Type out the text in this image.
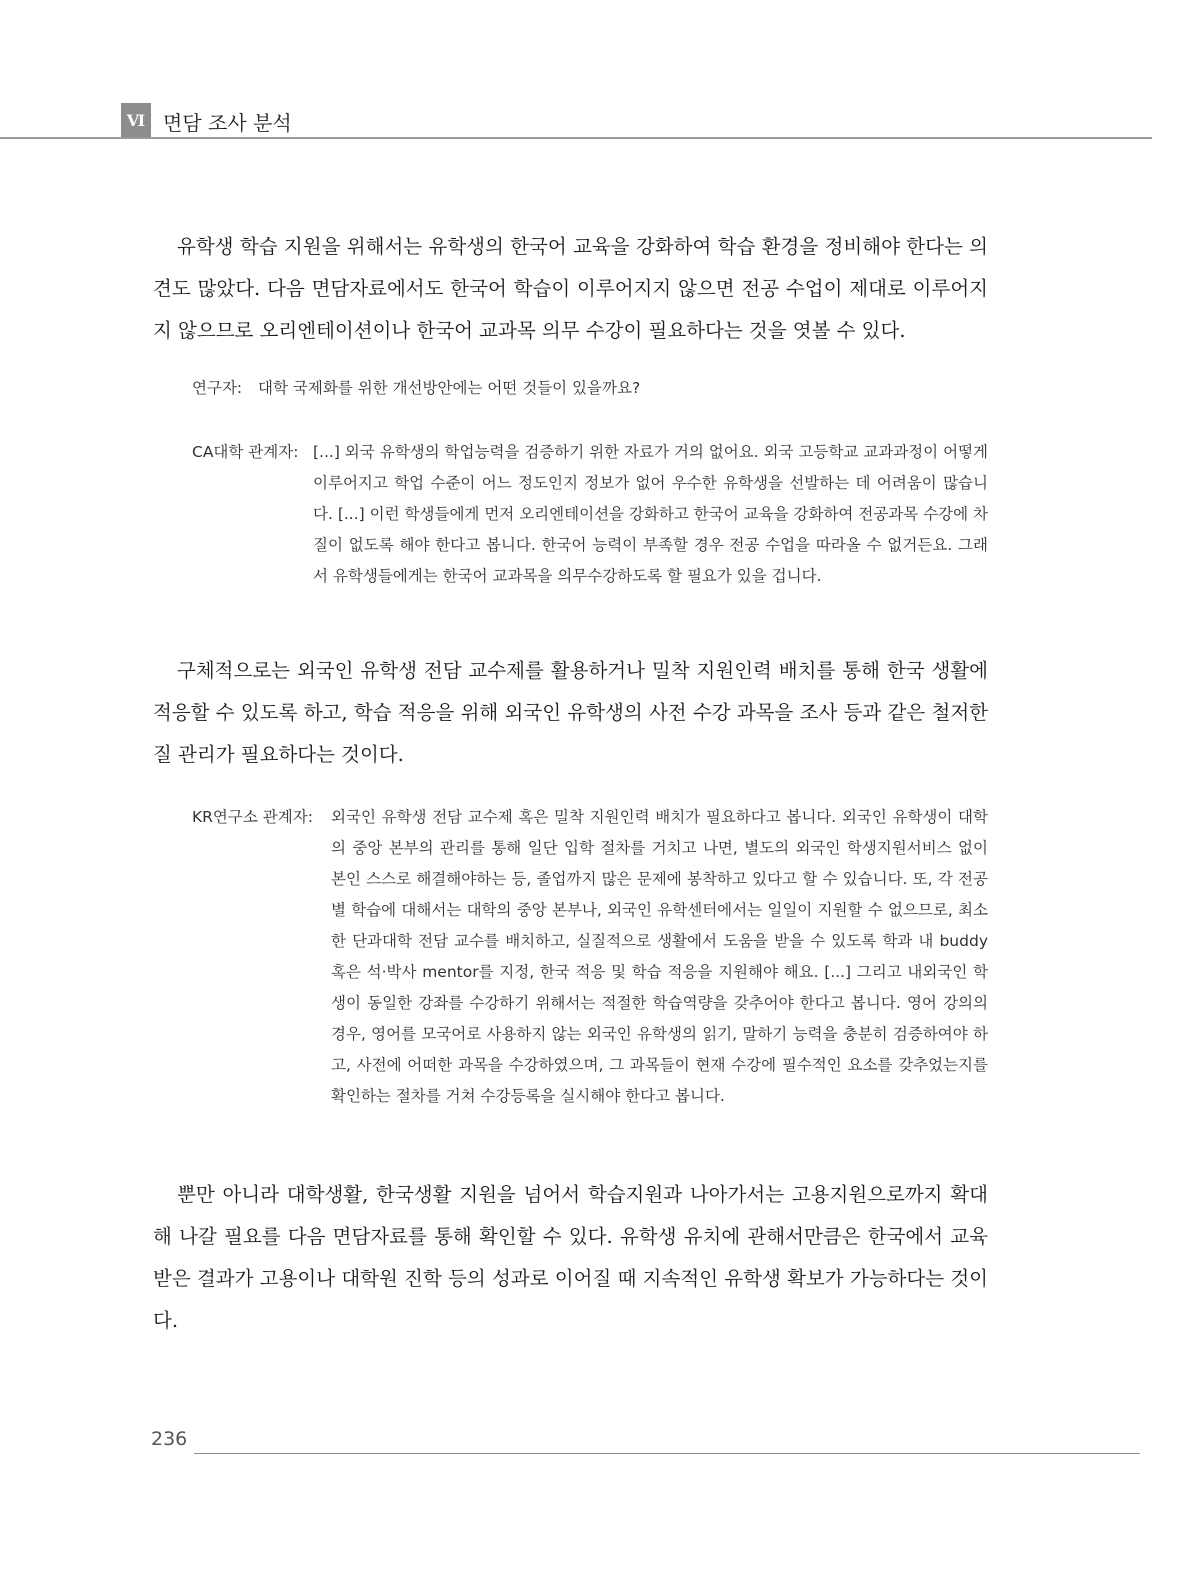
Ⅵ 면담 조사 분석
유학생 학습 지원을 위해서는 유학생의 한국어 교육을 강화하여 학습 환경을 정비해야 한다는 의견도 많았다. 다음 면담자료에서도 한국어 학습이 이루어지지 않으면 전공 수업이 제대로 이루어지지 않으므로 오리엔테이션이나 한국어 교과목 의무 수강이 필요하다는 것을 엿볼 수 있다.
연구자: 대학 국제화를 위한 개선방안에는 어떤 것들이 있을까요?
CA대학 관계자: [...] 외국 유학생의 학업능력을 검증하기 위한 자료가 거의 없어요. 외국 고등학교 교과과정이 어떻게 이루어지고 학업 수준이 어느 정도인지 정보가 없어 우수한 유학생을 선발하는 데 어려움이 많습니다. [...] 이런 학생들에게 먼저 오리엔테이션을 강화하고 한국어 교육을 강화하여 전공과목 수강에 차질이 없도록 해야 한다고 봅니다. 한국어 능력이 부족할 경우 전공 수업을 따라올 수 없거든요. 그래서 유학생들에게는 한국어 교과목을 의무수강하도록 할 필요가 있을 겁니다.
구체적으로는 외국인 유학생 전담 교수제를 활용하거나 밀착 지원인력 배치를 통해 한국 생활에 적응할 수 있도록 하고, 학습 적응을 위해 외국인 유학생의 사전 수강 과목을 조사 등과 같은 철저한 질 관리가 필요하다는 것이다.
KR연구소 관계자: 외국인 유학생 전담 교수제 혹은 밀착 지원인력 배치가 필요하다고 봅니다. 외국인 유학생이 대학의 중앙 본부의 관리를 통해 일단 입학 절차를 거치고 나면, 별도의 외국인 학생지원서비스 없이 본인 스스로 해결해야하는 등, 졸업까지 많은 문제에 봉착하고 있다고 할 수 있습니다. 또, 각 전공별 학습에 대해서는 대학의 중앙 본부나, 외국인 유학센터에서는 일일이 지원할 수 없으므로, 최소한 단과대학 전담 교수를 배치하고, 실질적으로 생활에서 도움을 받을 수 있도록 학과 내 buddy 혹은 석·박사 mentor를 지정, 한국 적응 및 학습 적응을 지원해야 해요. [...] 그리고 내외국인 학생이 동일한 강좌를 수강하기 위해서는 적절한 학습역량을 갖추어야 한다고 봅니다. 영어 강의의 경우, 영어를 모국어로 사용하지 않는 외국인 유학생의 읽기, 말하기 능력을 충분히 검증하여야 하고, 사전에 어떠한 과목을 수강하였으며, 그 과목들이 현재 수강에 필수적인 요소를 갖추었는지를 확인하는 절차를 거쳐 수강등록을 실시해야 한다고 봅니다.
뿐만 아니라 대학생활, 한국생활 지원을 넘어서 학습지원과 나아가서는 고용지원으로까지 확대해 나갈 필요를 다음 면담자료를 통해 확인할 수 있다. 유학생 유치에 관해서만큼은 한국에서 교육받은 결과가 고용이나 대학원 진학 등의 성과로 이어질 때 지속적인 유학생 확보가 가능하다는 것이다.
236
